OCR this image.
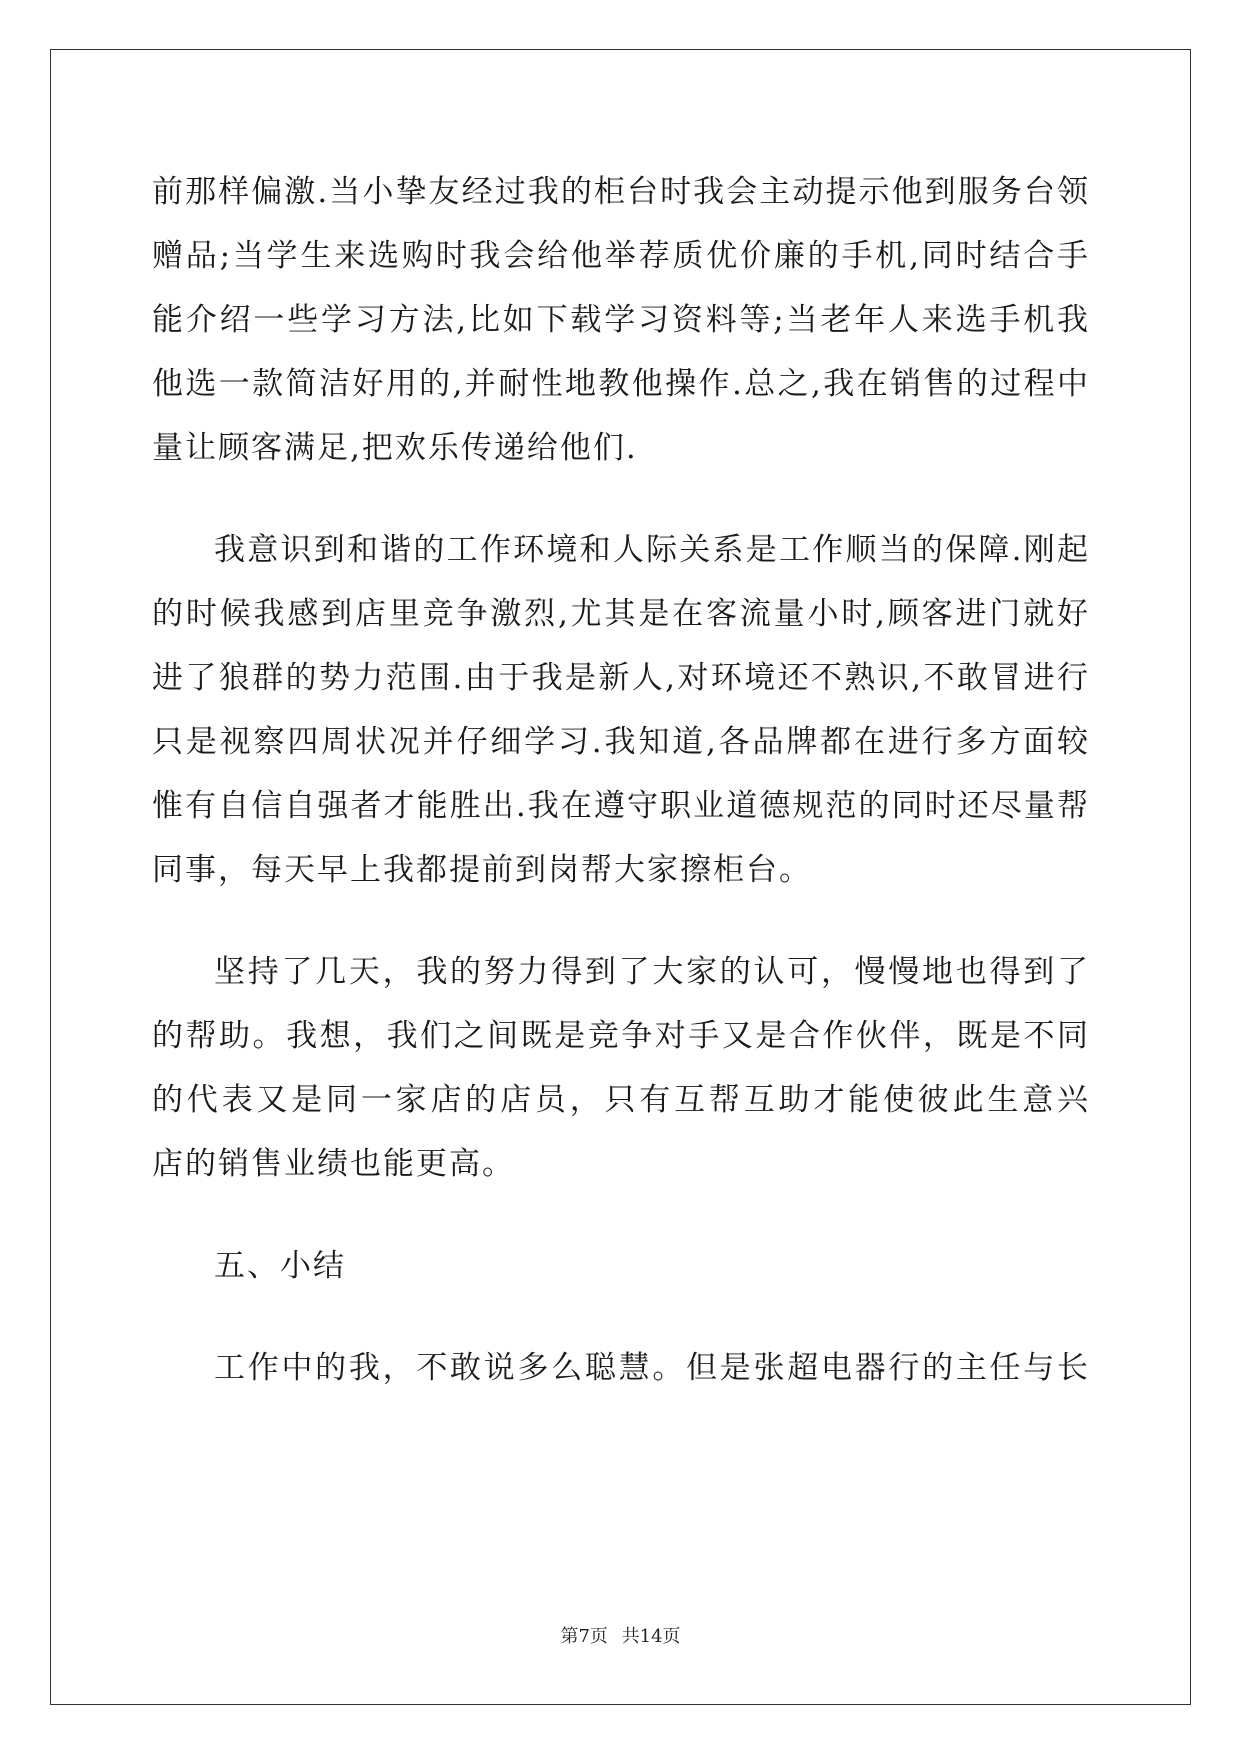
前那样偏激.当小挚友经过我的柜台时我会主动提示他到服务台领
赠品;当学生来选购时我会给他举荐质优价廉的手机,同时结合手
能介绍一些学习方法,比如下载学习资料等;当老年人来选手机我
他选一款简洁好用的,并耐性地教他操作.总之,我在销售的过程中
量让顾客满足,把欢乐传递给他们.
我意识到和谐的工作环境和人际关系是工作顺当的保障.刚起
的时候我感到店里竞争激烈,尤其是在客流量小时,顾客进门就好
进了狼群的势力范围.由于我是新人,对环境还不熟识,不敢冒进行
只是视察四周状况并仔细学习.我知道,各品牌都在进行多方面较
惟有自信自强者才能胜出.我在遵守职业道德规范的同时还尽量帮
同事，每天早上我都提前到岗帮大家擦柜台。
坚持了几天，我的努力得到了大家的认可，慢慢地也得到了
的帮助。我想，我们之间既是竞争对手又是合作伙伴，既是不同
的代表又是同一家店的店员，只有互帮互助才能使彼此生意兴
店的销售业绩也能更高。
五、小结
工作中的我，不敢说多么聪慧。但是张超电器行的主任与长
第7页 共14页
